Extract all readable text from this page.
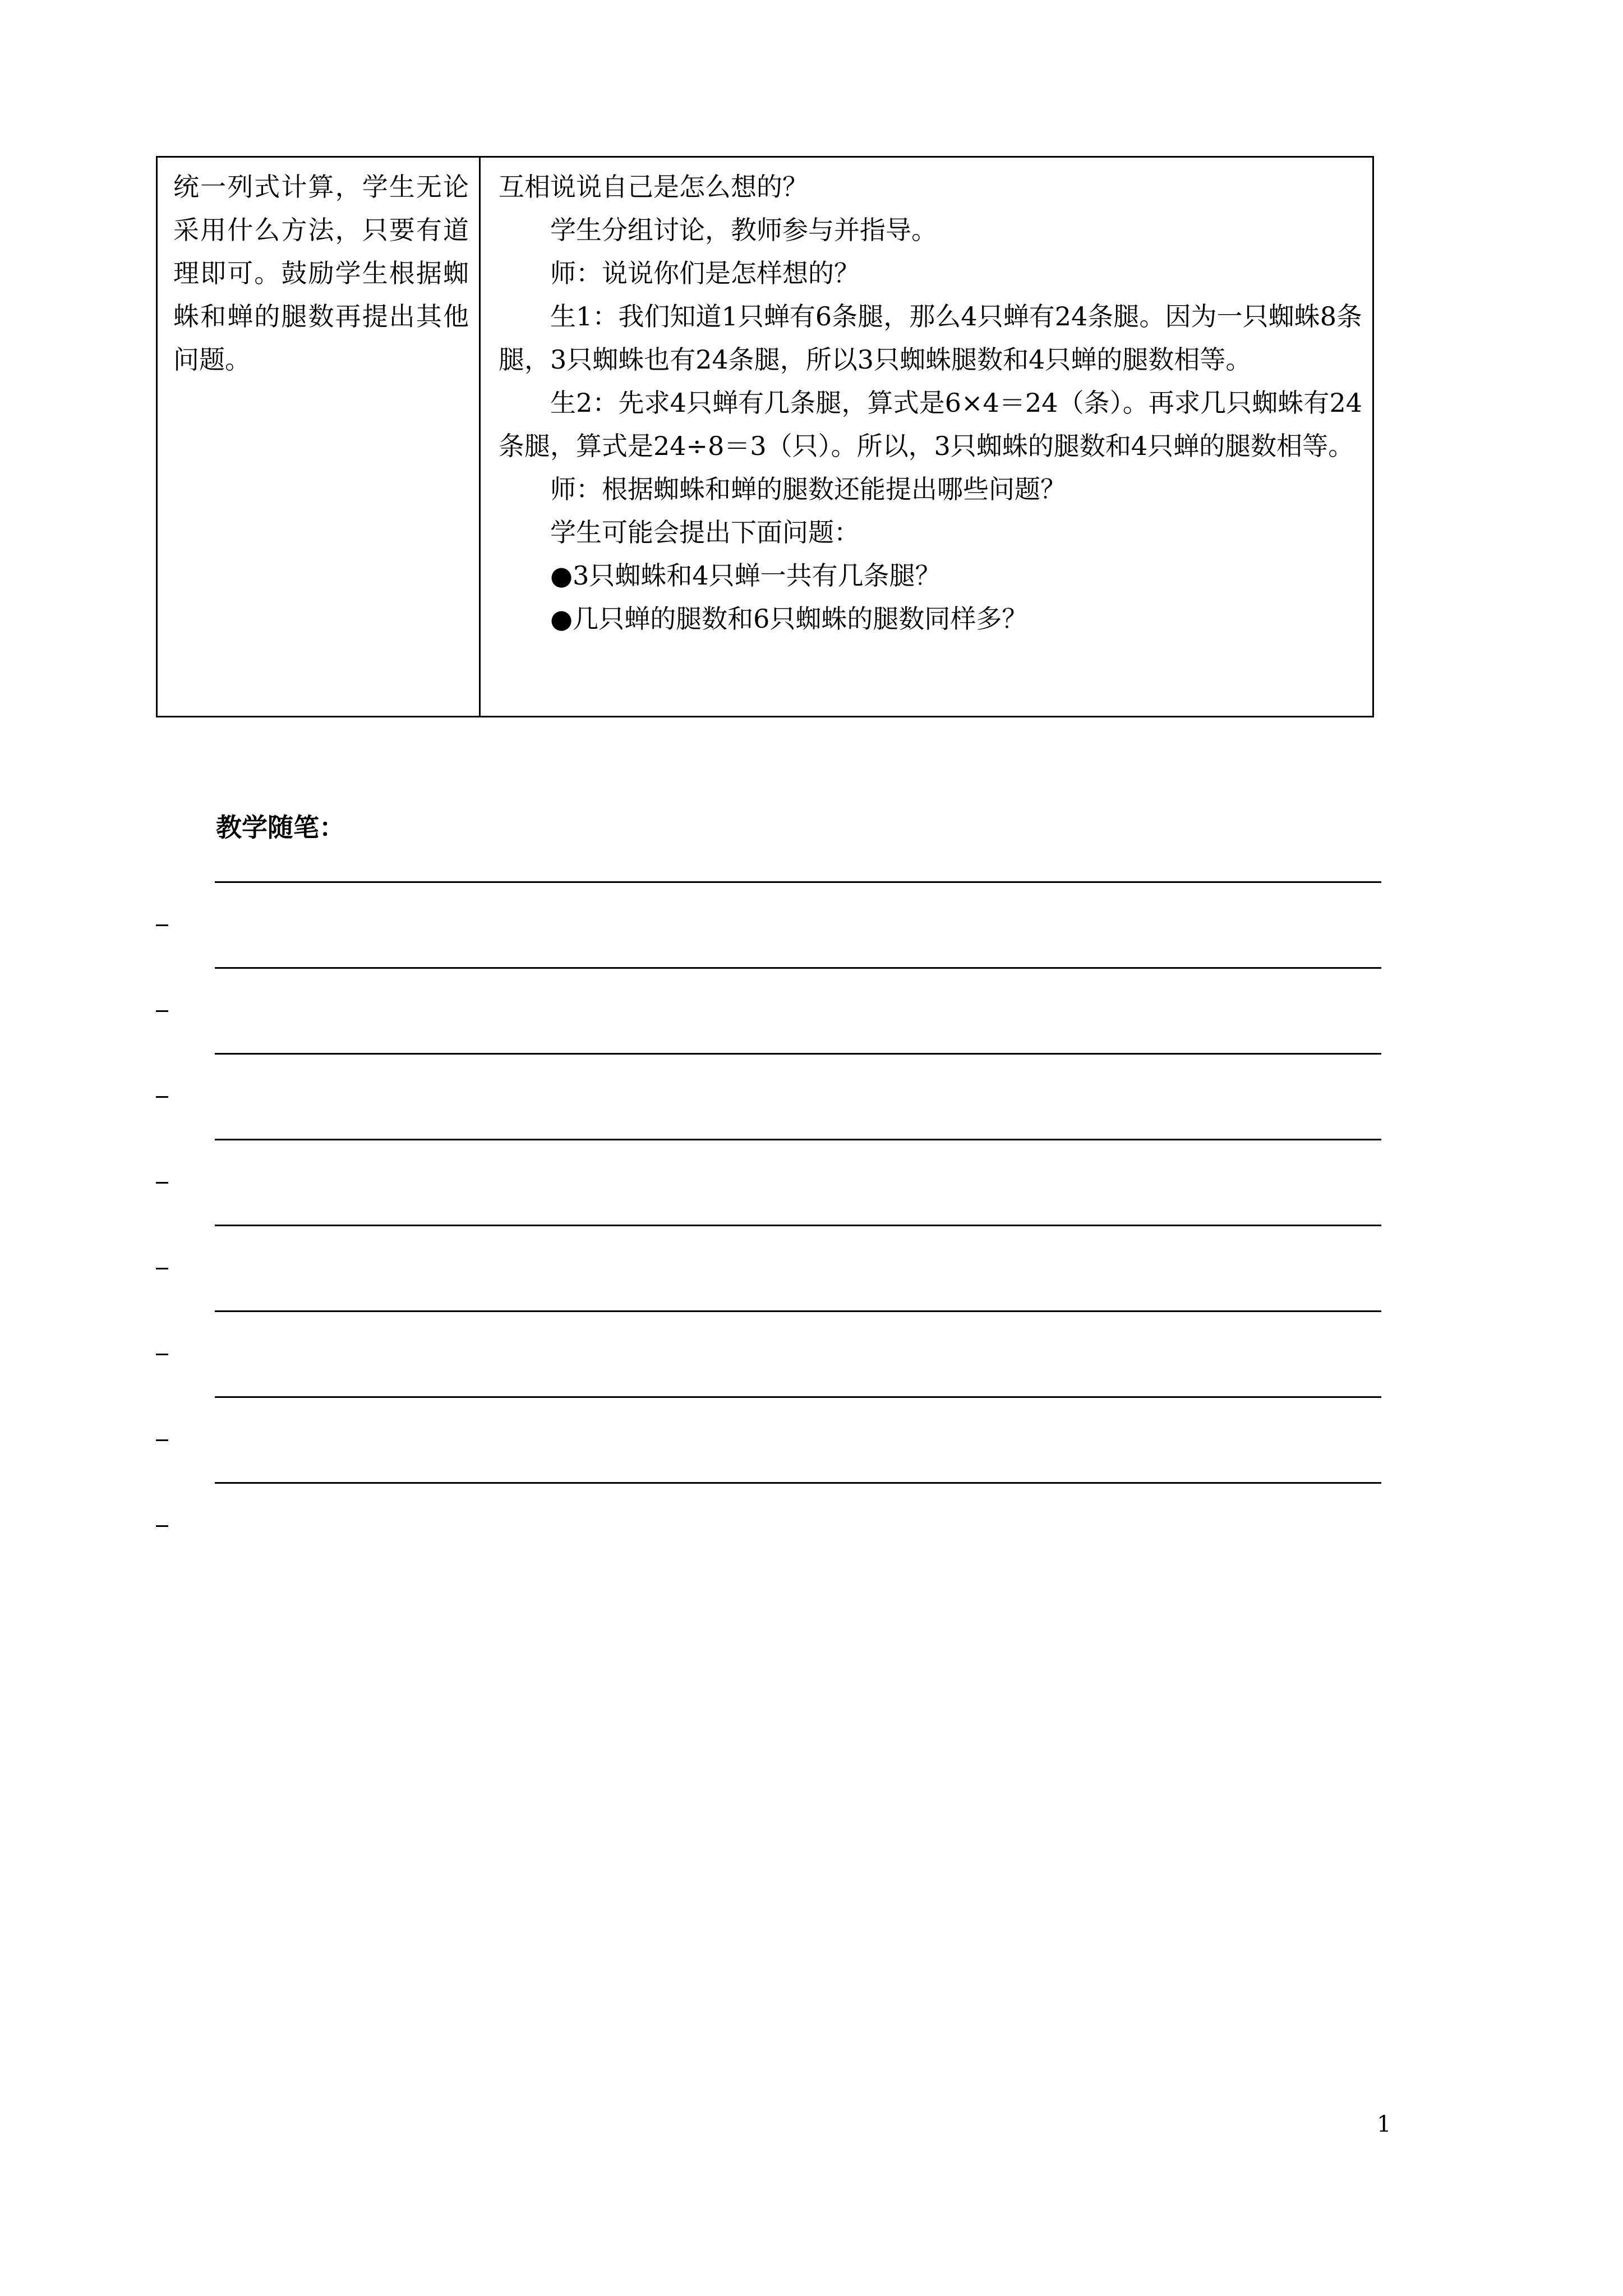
统一列式计算，学生无论采用什么方法，只要有道理即可。鼓励学生根据蜘蛛和蝉的腿数再提出其他问题。

互相说说自己是怎么想的？

学生分组讨论，教师参与并指导。

师：说说你们是怎样想的？

生1：我们知道1只蝉有6条腿，那么4只蝉有24条腿。因为一只蜘蛛8条腿，3只蜘蛛也有24条腿，所以3只蜘蛛腿数和4只蝉的腿数相等。

生2：先求4只蝉有几条腿，算式是6×4＝24（条）。再求几只蜘蛛有24条腿，算式是24÷8＝3（只）。所以，3只蜘蛛的腿数和4只蝉的腿数相等。

师：根据蜘蛛和蝉的腿数还能提出哪些问题？

学生可能会提出下面问题：

●3只蜘蛛和4只蝉一共有几条腿？

●几只蝉的腿数和6只蜘蛛的腿数同样多？

教学随笔：
1
